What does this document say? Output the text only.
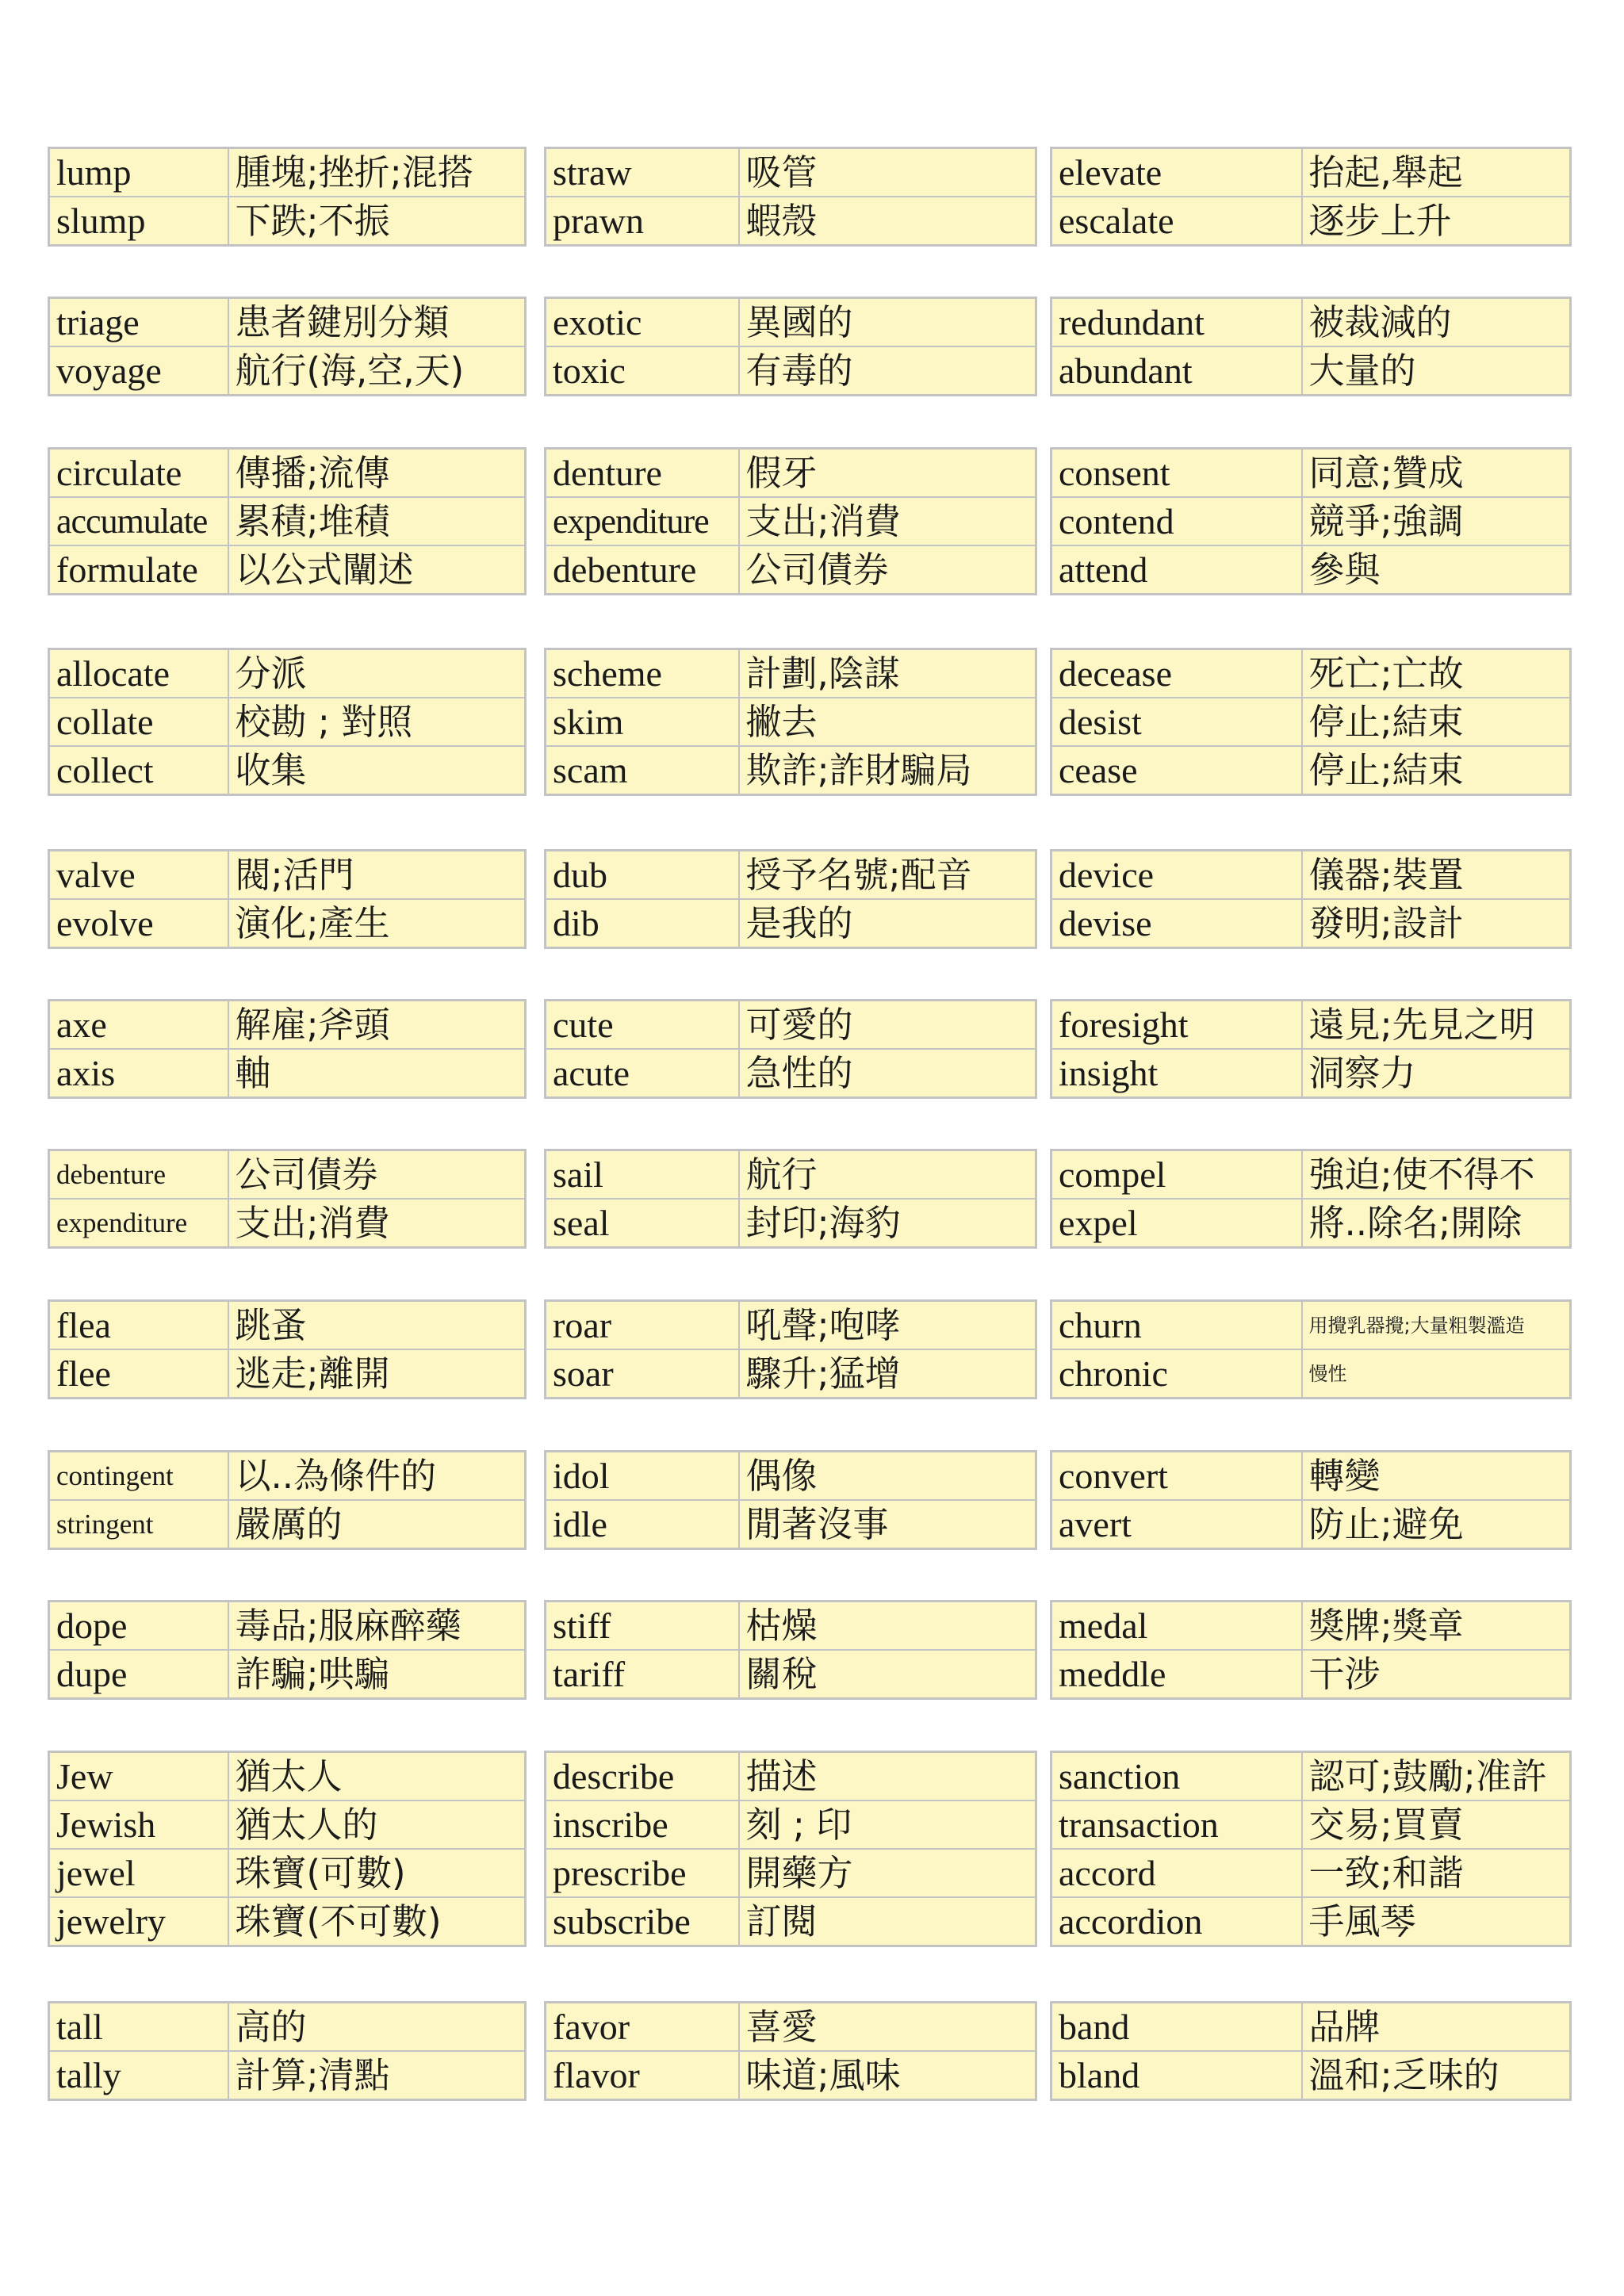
lump	腫塊;挫折;混搭
slump	下跌;不振
straw	吸管
prawn	蝦殼
elevate	抬起,舉起
escalate	逐步上升
triage	患者鍵別分類
voyage	航行(海,空,天)
exotic	異國的
toxic	有毒的
redundant	被裁減的
abundant	大量的
circulate	傳播;流傳
accumulate	累積;堆積
formulate	以公式闡述
denture	假牙
expenditure	支出;消費
debenture	公司債券
consent	同意;贊成
contend	競爭;強調
attend	參與
allocate	分派
collate	校勘 ; 對照
collect	收集
scheme	計劃,陰謀
skim	撇去
scam	欺詐;詐財騙局
decease	死亡;亡故
desist	停止;結束
cease	停止;結束
valve	閥;活門
evolve	演化;產生
dub	授予名號;配音
dib	是我的
device	儀器;裝置
devise	發明;設計
axe	解雇;斧頭
axis	軸
cute	可愛的
acute	急性的
foresight	遠見;先見之明
insight	洞察力
debenture	公司債券
expenditure	支出;消費
sail	航行
seal	封印;海豹
compel	強迫;使不得不
expel	將..除名;開除
flea	跳蚤
flee	逃走;離開
roar	吼聲;咆哮
soar	驟升;猛增
churn	用攪乳器攪;大量粗製濫造
chronic	慢性
contingent	以..為條件的
stringent	嚴厲的
idol	偶像
idle	閒著沒事
convert	轉變
avert	防止;避免
dope	毒品;服麻醉藥
dupe	詐騙;哄騙
stiff	枯燥
tariff	關稅
medal	獎牌;獎章
meddle	干涉
Jew	猶太人
Jewish	猶太人的
jewel	珠寶(可數)
jewelry	珠寶(不可數)
describe	描述
inscribe	刻 ; 印
prescribe	開藥方
subscribe	訂閱
sanction	認可;鼓勵;准許
transaction	交易;買賣
accord	一致;和諧
accordion	手風琴
tall	高的
tally	計算;清點
favor	喜愛
flavor	味道;風味
band	品牌
bland	溫和;乏味的
